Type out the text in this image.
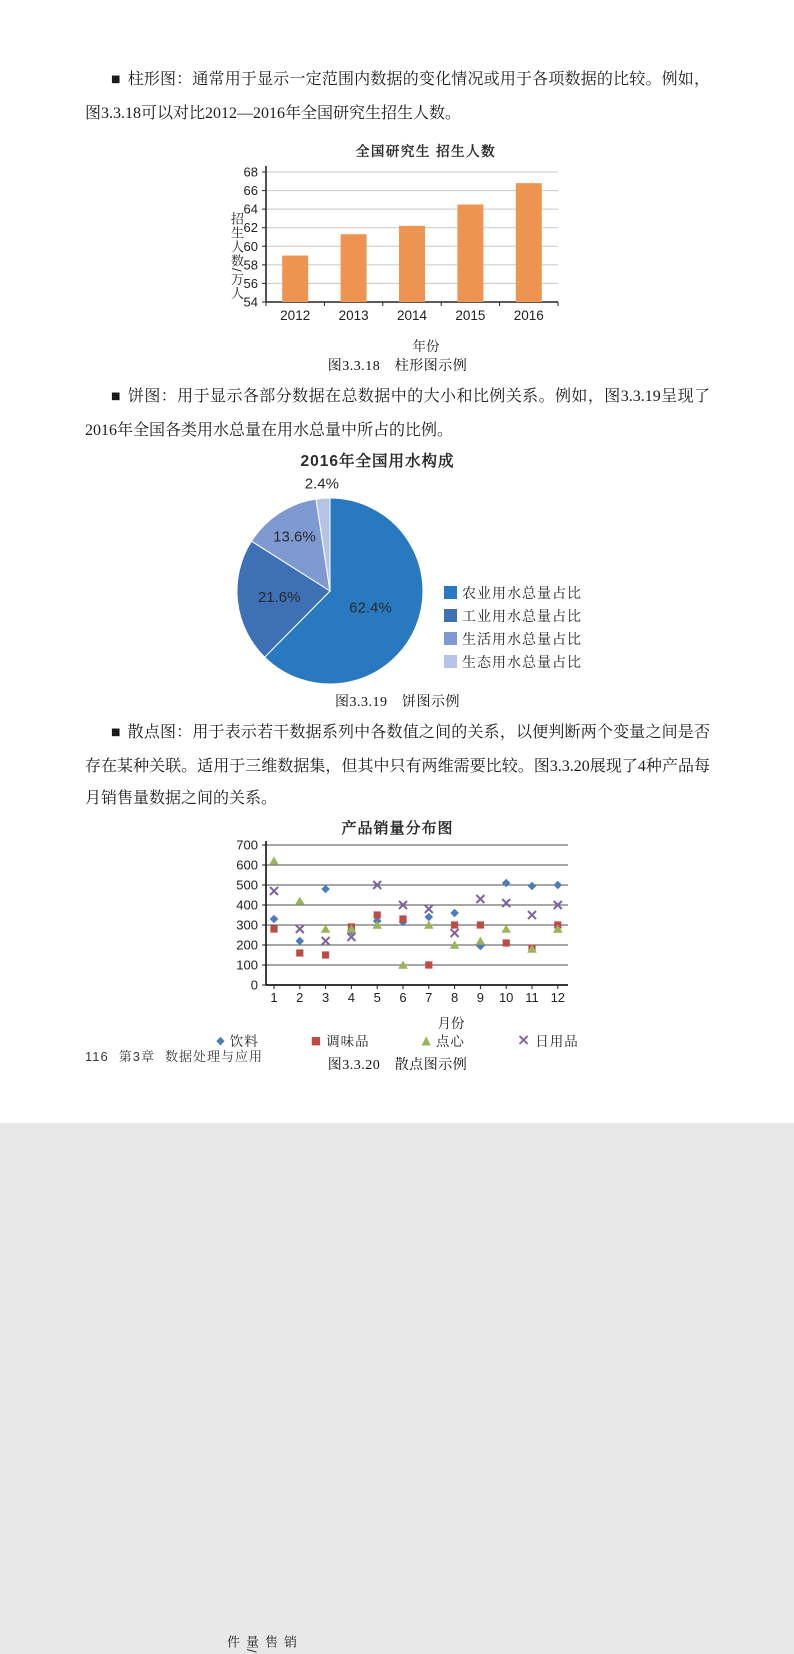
■ 柱形图：通常用于显示一定范围内数据的变化情况或用于各项数据的比较。例如，图3.3.18可以对比2012—2016年全国研究生招生人数。

全国研究生 招生人数
招生人数/万人
54
56
58
60
62
64
66
68
2012 2013 2014 2015 2016
年份
图3.3.18　柱形图示例

■ 饼图：用于显示各部分数据在总数据中的大小和比例关系。例如，图3.3.19呈现了2016年全国各类用水总量在用水总量中所占的比例。

2016年全国用水构成
62.4%
21.6%
13.6%
2.4%
农业用水总量占比
工业用水总量占比
生活用水总量占比
生态用水总量占比
图3.3.19　饼图示例

■ 散点图：用于表示若干数据系列中各数值之间的关系，以便判断两个变量之间是否存在某种关联。适用于三维数据集，但其中只有两维需要比较。图3.3.20展现了4种产品每月销售量数据之间的关系。

产品销量分布图
销售量/件
0
100
200
300
400
500
600
700
1 2 3 4 5 6 7 8 9 10 11 12
月份
◆ 饮料	■ 调味品	▲ 点心	× 日用品
图3.3.20　散点图示例
116 第3章 数据处理与应用
